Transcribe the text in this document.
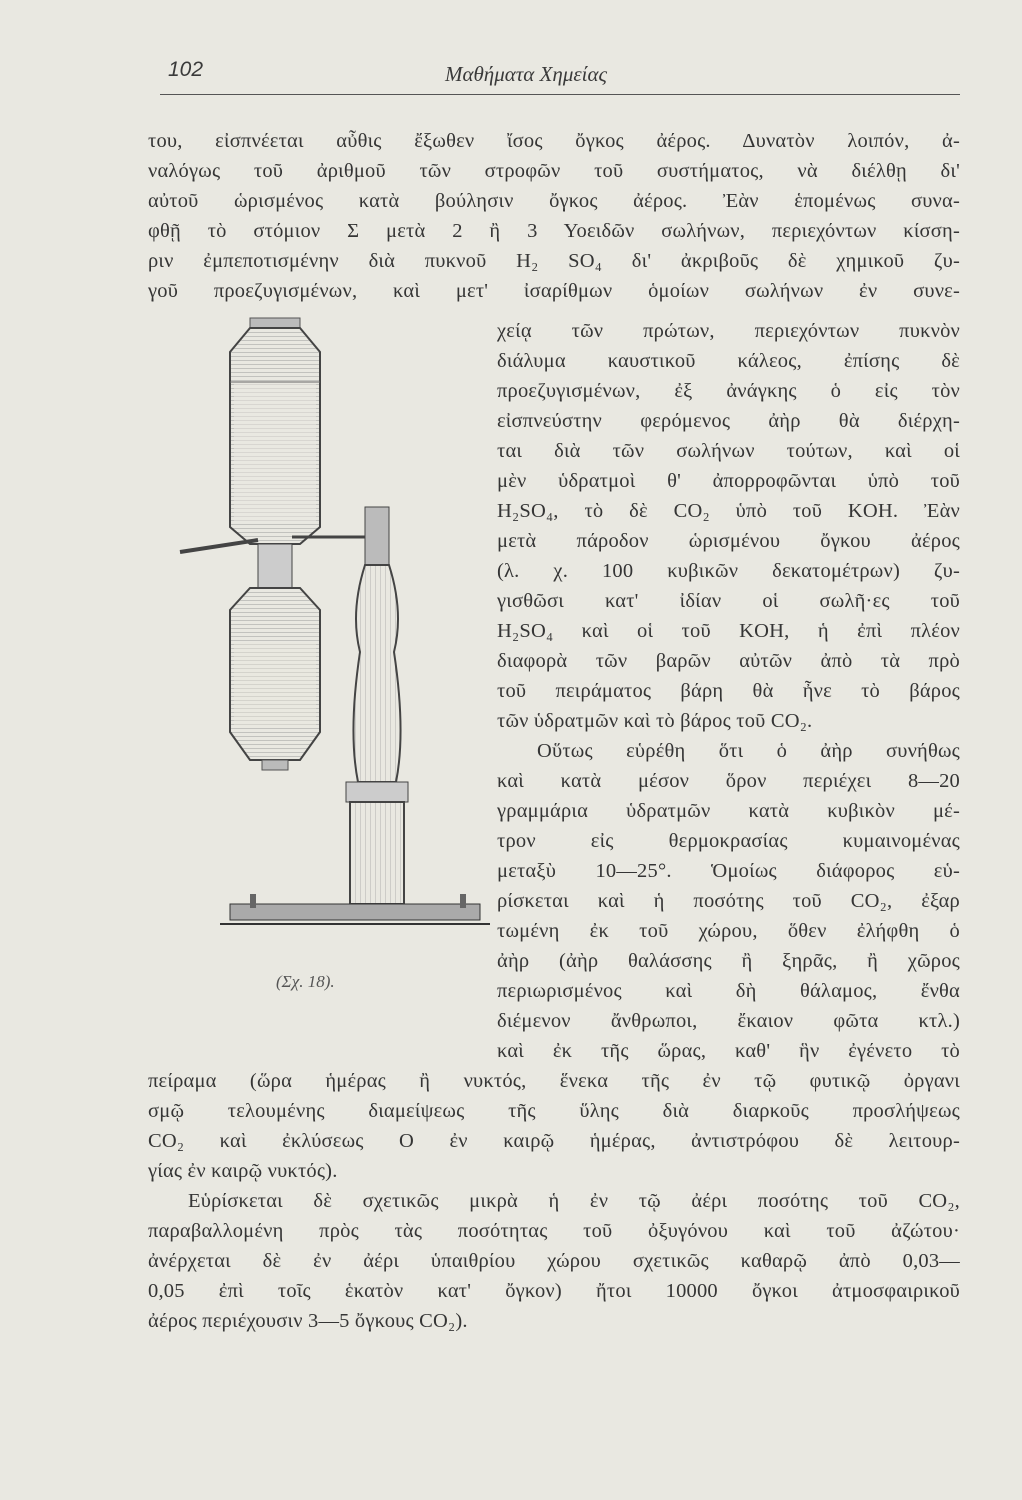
102	Μαθήματα Χημείας
του, εἰσπνέεται αὖθις ἔξωθεν ἴσος ὄγκος ἀέρος. Δυνατὸν λοιπόν, ἀ-
ναλόγως τοῦ ἀριθμοῦ τῶν στροφῶν τοῦ συστήματος, νὰ διέλθῃ δι'
αὐτοῦ ὡρισμένος κατὰ βούλησιν ὄγκος ἀέρος. Ἐὰν ἑπομένως συνα-
φθῇ τὸ στόμιον Σ μετὰ 2 ἢ 3 Υοειδῶν σωλήνων, περιεχόντων κίσση-
ριν ἐμπεποτισμένην διὰ πυκνοῦ H₂ SO₄ δι' ἀκριβοῦς δὲ χημικοῦ ζυ-
γοῦ προεζυγισμένων, καὶ μετ' ἰσαρίθμων ὁμοίων σωλήνων ἐν συνε-
(Σχ. 18).
χείᾳ τῶν πρώτων, περιεχόντων πυκνὸν
διάλυμα καυστικοῦ κάλεος, ἐπίσης δὲ
προεζυγισμένων, ἐξ ἀνάγκης ὁ εἰς τὸν
εἰσπνεύστην φερόμενος ἀὴρ θὰ διέρχη-
ται διὰ τῶν σωλήνων τούτων, καὶ οἱ
μὲν ὑδρατμοὶ θ' ἀπορροφῶνται ὑπὸ τοῦ
H₂SO₄, τὸ δὲ CO₂ ὑπὸ τοῦ KOH. Ἐὰν
μετὰ πάροδον ὡρισμένου ὄγκου ἀέρος
(λ. χ. 100 κυβικῶν δεκατομέτρων) ζυ-
γισθῶσι κατ' ἰδίαν οἱ σωλῆ·ες τοῦ
H₂SO₄ καὶ οἱ τοῦ KOH, ἡ ἐπὶ πλέον
διαφορὰ τῶν βαρῶν αὐτῶν ἀπὸ τὰ πρὸ
τοῦ πειράματος βάρη θὰ ἦνε τὸ βάρος
τῶν ὑδρατμῶν καὶ τὸ βάρος τοῦ CO₂.
Οὕτως εὑρέθη ὅτι ὁ ἀὴρ συνήθως
καὶ κατὰ μέσον ὅρον περιέχει 8—20
γραμμάρια ὑδρατμῶν κατὰ κυβικὸν μέ-
τρον εἰς θερμοκρασίας κυμαινομένας
μεταξὺ 10—25°. Ὁμοίως διάφορος εὑ-
ρίσκεται καὶ ἡ ποσότης τοῦ CO₂, ἐξαρ
τωμένη ἐκ τοῦ χώρου, ὅθεν ἐλήφθη ὁ
ἀὴρ (ἀὴρ θαλάσσης ἢ ξηρᾶς, ἢ χῶρος
περιωρισμένος καὶ δὴ θάλαμος, ἔνθα
διέμενον ἄνθρωποι, ἔκαιον φῶτα κτλ.)
καὶ ἐκ τῆς ὥρας, καθ' ἣν ἐγένετο τὸ
πείραμα (ὥρα ἡμέρας ἢ νυκτός, ἕνεκα τῆς ἐν τῷ φυτικῷ ὀργανι
σμῷ τελουμένης διαμείψεως τῆς ὕλης διὰ διαρκοῦς προσλήψεως
CO₂ καὶ ἐκλύσεως O ἐν καιρῷ ἡμέρας, ἀντιστρόφου δὲ λειτουρ-
γίας ἐν καιρῷ νυκτός).
Εὑρίσκεται δὲ σχετικῶς μικρὰ ἡ ἐν τῷ ἀέρι ποσότης τοῦ CO₂,
παραβαλλομένη πρὸς τὰς ποσότητας τοῦ ὀξυγόνου καὶ τοῦ ἀζώτου·
ἀνέρχεται δὲ ἐν ἀέρι ὑπαιθρίου χώρου σχετικῶς καθαρῷ ἀπὸ 0,03—
0,05 ἐπὶ τοῖς ἑκατὸν κατ' ὄγκον) ἤτοι 10000 ὄγκοι ἀτμοσφαιρικοῦ
ἀέρος περιέχουσιν 3—5 ὄγκους CO₂).
